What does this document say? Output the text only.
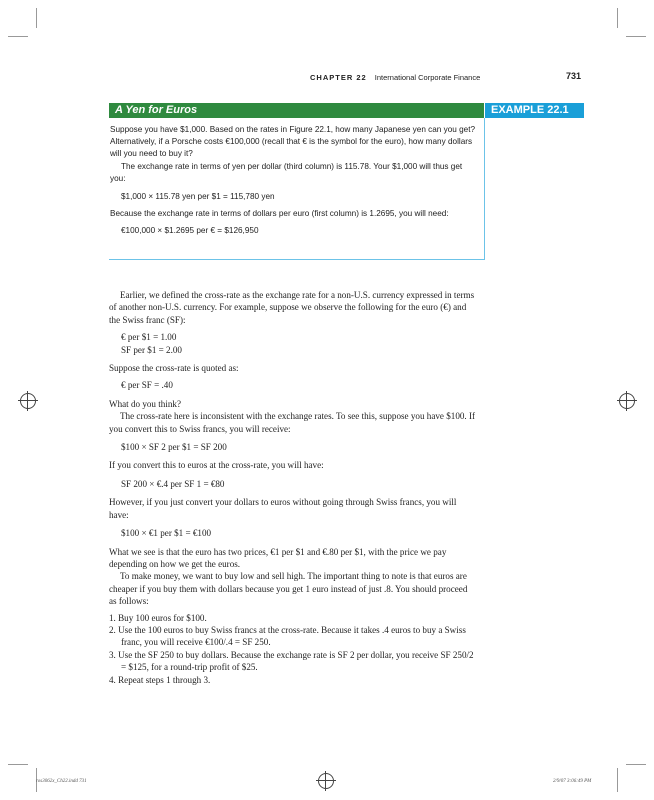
CHAPTER 22 International Corporate Finance	731
A Yen for Euros	EXAMPLE 22.1

Suppose you have $1,000. Based on the rates in Figure 22.1, how many Japanese yen can you get? Alternatively, if a Porsche costs €100,000 (recall that € is the symbol for the euro), how many dollars will you need to buy it?

The exchange rate in terms of yen per dollar (third column) is 115.78. Your $1,000 will thus get you:

$1,000 × 115.78 yen per $1 = 115,780 yen

Because the exchange rate in terms of dollars per euro (first column) is 1.2695, you will need:

€100,000 × $1.2695 per € = $126,950

Earlier, we defined the cross-rate as the exchange rate for a non-U.S. currency expressed in terms of another non-U.S. currency. For example, suppose we observe the following for the euro (€) and the Swiss franc (SF):

€ per $1 = 1.00

SF per $1 = 2.00

Suppose the cross-rate is quoted as:

€ per SF = .40

What do you think?

The cross-rate here is inconsistent with the exchange rates. To see this, suppose you have $100. If you convert this to Swiss francs, you will receive:

$100 × SF 2 per $1 = SF 200

If you convert this to euros at the cross-rate, you will have:

SF 200 × €.4 per SF 1 = €80

However, if you just convert your dollars to euros without going through Swiss francs, you will have:

$100 × €1 per $1 = €100

What we see is that the euro has two prices, €1 per $1 and €.80 per $1, with the price we pay depending on how we get the euros.

To make money, we want to buy low and sell high. The important thing to note is that euros are cheaper if you buy them with dollars because you get 1 euro instead of just .8. You should proceed as follows:

1. Buy 100 euros for $100.

2. Use the 100 euros to buy Swiss francs at the cross-rate. Because it takes .4 euros to buy a Swiss franc, you will receive €100/.4 = SF 250.

3. Use the SF 250 to buy dollars. Because the exchange rate is SF 2 per dollar, you receive SF 250/2 = $125, for a round-trip profit of $25.

4. Repeat steps 1 through 3.

ros3062x_Ch22.indd 731	2/9/07 3:06:49 PM
